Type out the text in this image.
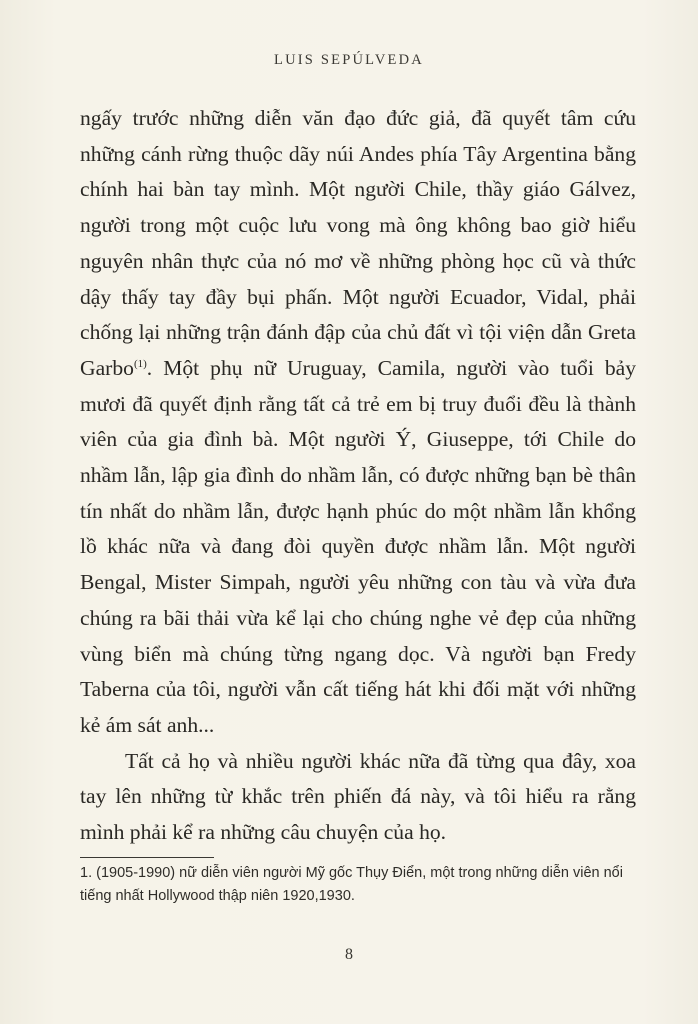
LUIS SEPÚLVEDA

ngấy trước những diễn văn đạo đức giả, đã quyết tâm cứu những cánh rừng thuộc dãy núi Andes phía Tây Argentina bằng chính hai bàn tay mình. Một người Chile, thầy giáo Gálvez, người trong một cuộc lưu vong mà ông không bao giờ hiểu nguyên nhân thực của nó mơ về những phòng học cũ và thức dậy thấy tay đầy bụi phấn. Một người Ecuador, Vidal, phải chống lại những trận đánh đập của chủ đất vì tội viện dẫn Greta Garbo$^{(1)}$. Một phụ nữ Uruguay, Camila, người vào tuổi bảy mươi đã quyết định rằng tất cả trẻ em bị truy đuổi đều là thành viên của gia đình bà. Một người Ý, Giuseppe, tới Chile do nhầm lẫn, lập gia đình do nhầm lẫn, có được những bạn bè thân tín nhất do nhầm lẫn, được hạnh phúc do một nhầm lẫn khổng lồ khác nữa và đang đòi quyền được nhầm lẫn. Một người Bengal, Mister Simpah, người yêu những con tàu và vừa đưa chúng ra bãi thải vừa kể lại cho chúng nghe vẻ đẹp của những vùng biển mà chúng từng ngang dọc. Và người bạn Fredy Taberna của tôi, người vẫn cất tiếng hát khi đối mặt với những kẻ ám sát anh...

Tất cả họ và nhiều người khác nữa đã từng qua đây, xoa tay lên những từ khắc trên phiến đá này, và tôi hiểu ra rằng mình phải kể ra những câu chuyện của họ.

1. (1905-1990) nữ diễn viên người Mỹ gốc Thụy Điển, một trong những diễn viên nổi tiếng nhất Hollywood thập niên 1920,1930.

8
